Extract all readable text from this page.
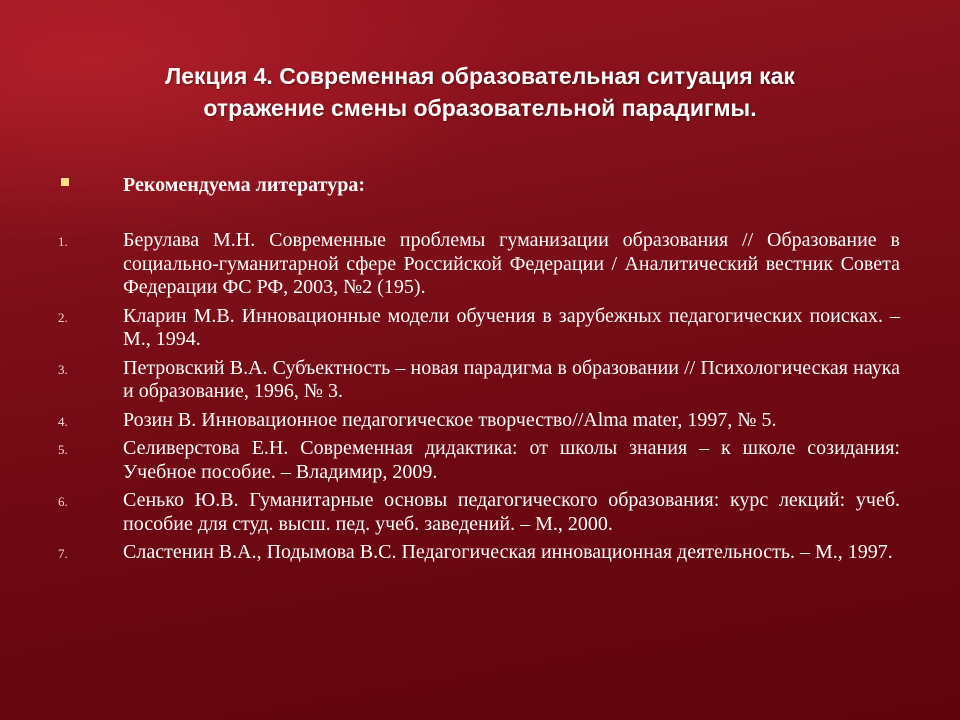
Лекция 4. Современная образовательная ситуация как
отражение смены образовательной парадигмы.
Рекомендуема литература:
1.	Берулава М.Н. Современные проблемы гуманизации образования // Образование в социально-гуманитарной сфере Российской Федерации / Аналитический вестник Совета Федерации ФС РФ, 2003, №2 (195).
2.	Кларин М.В. Инновационные модели обучения в зарубежных педагогических поисках. – М., 1994.
3.	Петровский В.А. Субъектность – новая парадигма в образовании // Психологическая наука и образование, 1996, № 3.
4.	Розин В. Инновационное педагогическое творчество//Alma mater, 1997, № 5.
5.	Селиверстова Е.Н. Современная дидактика: от школы знания – к школе созидания: Учебное пособие. – Владимир, 2009.
6.	Сенько Ю.В. Гуманитарные основы педагогического образования: курс лекций: учеб. пособие для студ. высш. пед. учеб. заведений. – М., 2000.
7.	Сластенин В.А., Подымова В.С. Педагогическая инновационная деятельность. – М., 1997.
